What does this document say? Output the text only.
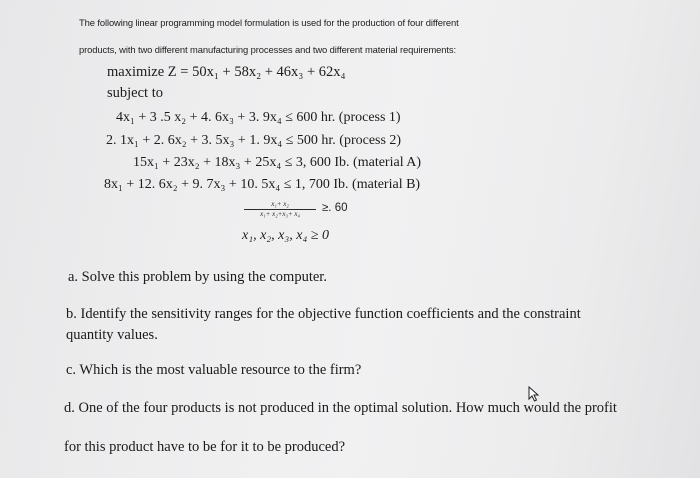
The following linear programming model formulation is used for the production of four different
products, with two different manufacturing processes and two different material requirements:
maximize Z = 50x₁ + 58x₂ + 46x₃ + 62x₄
subject to
4x₁ + 3 .5 x₂ + 4. 6x₃ + 3. 9x₄ ≤ 600 hr. (process 1)
2. 1x₁ + 2. 6x₂ + 3. 5x₃ + 1. 9x₄ ≤ 500 hr. (process 2)
15x₁ + 23x₂ + 18x₃ + 25x₄ ≤ 3, 600 Ib. (material A)
8x₁ + 12. 6x₂ + 9. 7x₃ + 10. 5x₄ ≤ 1, 700 Ib. (material B)
x₁+ x₂
x₁+ x₂+x₃+ x₄	≥. 60
x₁, x₂, x₃, x₄ ≥ 0
a. Solve this problem by using the computer.
b. Identify the sensitivity ranges for the objective function coefficients and the constraint
quantity values.
c. Which is the most valuable resource to the firm?
d. One of the four products is not produced in the optimal solution. How much would the profit
for this product have to be for it to be produced?
